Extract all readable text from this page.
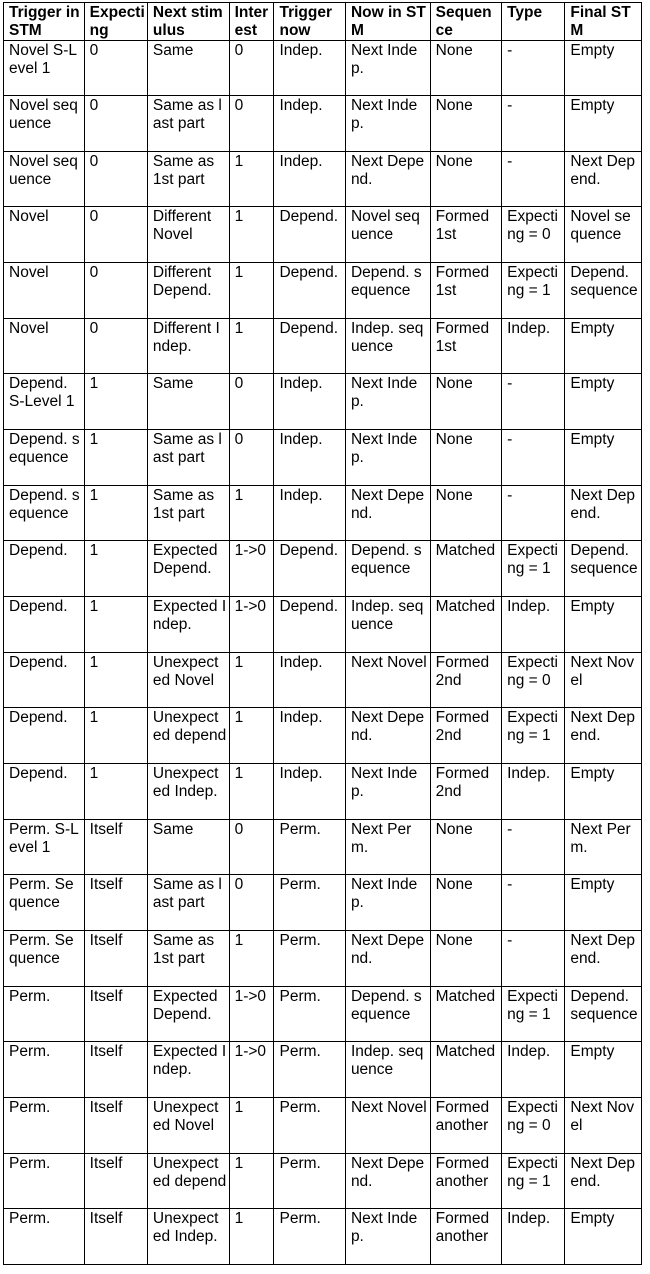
Trigger in STM	Expecting	Next stimulus	Interest	Trigger now	Now in STM	Sequence	Type	Final STM
Novel S-Level 1	0	Same	0	Indep.	Next Indep.	None	-	Empty
Novel sequence	0	Same as last part	0	Indep.	Next Indep.	None	-	Empty
Novel sequence	0	Same as 1st part	1	Indep.	Next Depend.	None	-	Next Depend.
Novel	0	Different Novel	1	Depend.	Novel sequence	Formed 1st	Expecting = 0	Novel sequence
Novel	0	Different Depend.	1	Depend.	Depend. sequence	Formed 1st	Expecting = 1	Depend. sequence
Novel	0	Different Indep.	1	Depend.	Indep. sequence	Formed 1st	Indep.	Empty
Depend. S-Level 1	1	Same	0	Indep.	Next Indep.	None	-	Empty
Depend. sequence	1	Same as last part	0	Indep.	Next Indep.	None	-	Empty
Depend. sequence	1	Same as 1st part	1	Indep.	Next Depend.	None	-	Next Depend.
Depend.	1	Expected Depend.	1->0	Depend.	Depend. sequence	Matched	Expecting = 1	Depend. sequence
Depend.	1	Expected Indep.	1->0	Depend.	Indep. sequence	Matched	Indep.	Empty
Depend.	1	Unexpected Novel	1	Indep.	Next Novel	Formed 2nd	Expecting = 0	Next Novel
Depend.	1	Unexpected depend	1	Indep.	Next Depend.	Formed 2nd	Expecting = 1	Next Depend.
Depend.	1	Unexpected Indep.	1	Indep.	Next Indep.	Formed 2nd	Indep.	Empty
Perm. S-Level 1	Itself	Same	0	Perm.	Next Perm.	None	-	Next Perm.
Perm. Sequence	Itself	Same as last part	0	Perm.	Next Indep.	None	-	Empty
Perm. Sequence	Itself	Same as 1st part	1	Perm.	Next Depend.	None	-	Next Depend.
Perm.	Itself	Expected Depend.	1->0	Perm.	Depend. sequence	Matched	Expecting = 1	Depend. sequence
Perm.	Itself	Expected Indep.	1->0	Perm.	Indep. sequence	Matched	Indep.	Empty
Perm.	Itself	Unexpected Novel	1	Perm.	Next Novel	Formed another	Expecting = 0	Next Novel
Perm.	Itself	Unexpected depend	1	Perm.	Next Depend.	Formed another	Expecting = 1	Next Depend.
Perm.	Itself	Unexpected Indep.	1	Perm.	Next Indep.	Formed another	Indep.	Empty
